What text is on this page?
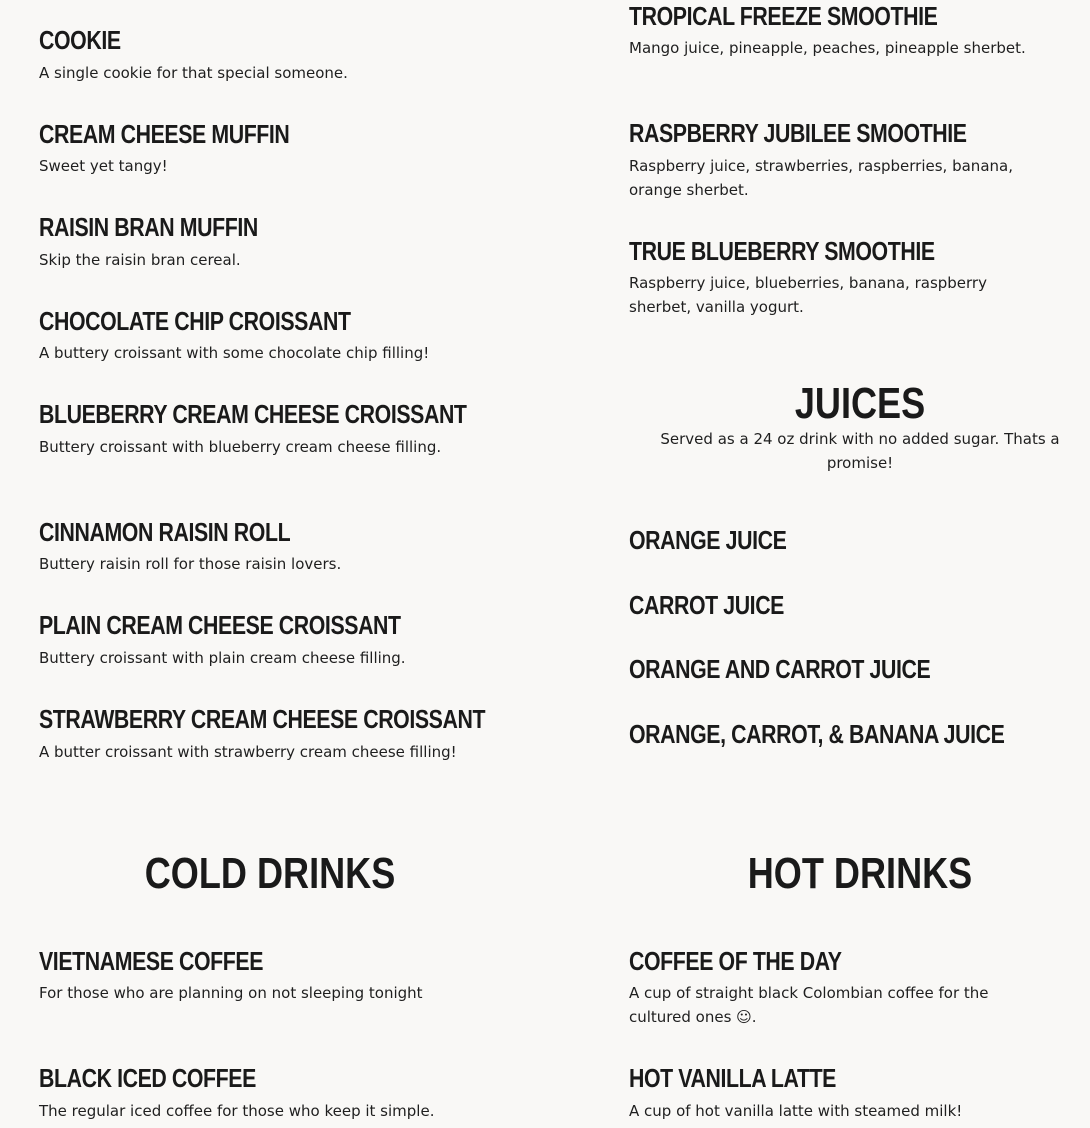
COOKIE

A single cookie for that special someone.

CREAM CHEESE MUFFIN

Sweet yet tangy!

RAISIN BRAN MUFFIN

Skip the raisin bran cereal.

CHOCOLATE CHIP CROISSANT

A buttery croissant with some chocolate chip filling!

BLUEBERRY CREAM CHEESE CROISSANT

Buttery croissant with blueberry cream cheese filling.

CINNAMON RAISIN ROLL

Buttery raisin roll for those raisin lovers.

PLAIN CREAM CHEESE CROISSANT

Buttery croissant with plain cream cheese filling.

STRAWBERRY CREAM CHEESE CROISSANT

A butter croissant with strawberry cream cheese filling!

TROPICAL FREEZE SMOOTHIE

Mango juice, pineapple, peaches, pineapple sherbet.

RASPBERRY JUBILEE SMOOTHIE

Raspberry juice, strawberries, raspberries, banana, orange sherbet.

TRUE BLUEBERRY SMOOTHIE

Raspberry juice, blueberries, banana, raspberry sherbet, vanilla yogurt.

JUICES

Served as a 24 oz drink with no added sugar. Thats a promise!

ORANGE JUICE
CARROT JUICE
ORANGE AND CARROT JUICE
ORANGE, CARROT, & BANANA JUICE
COLD DRINKS
VIETNAMESE COFFEE

For those who are planning on not sleeping tonight

BLACK ICED COFFEE

The regular iced coffee for those who keep it simple.

HOT DRINKS
COFFEE OF THE DAY

A cup of straight black Colombian coffee for the cultured ones ☺.

HOT VANILLA LATTE

A cup of hot vanilla latte with steamed milk!
